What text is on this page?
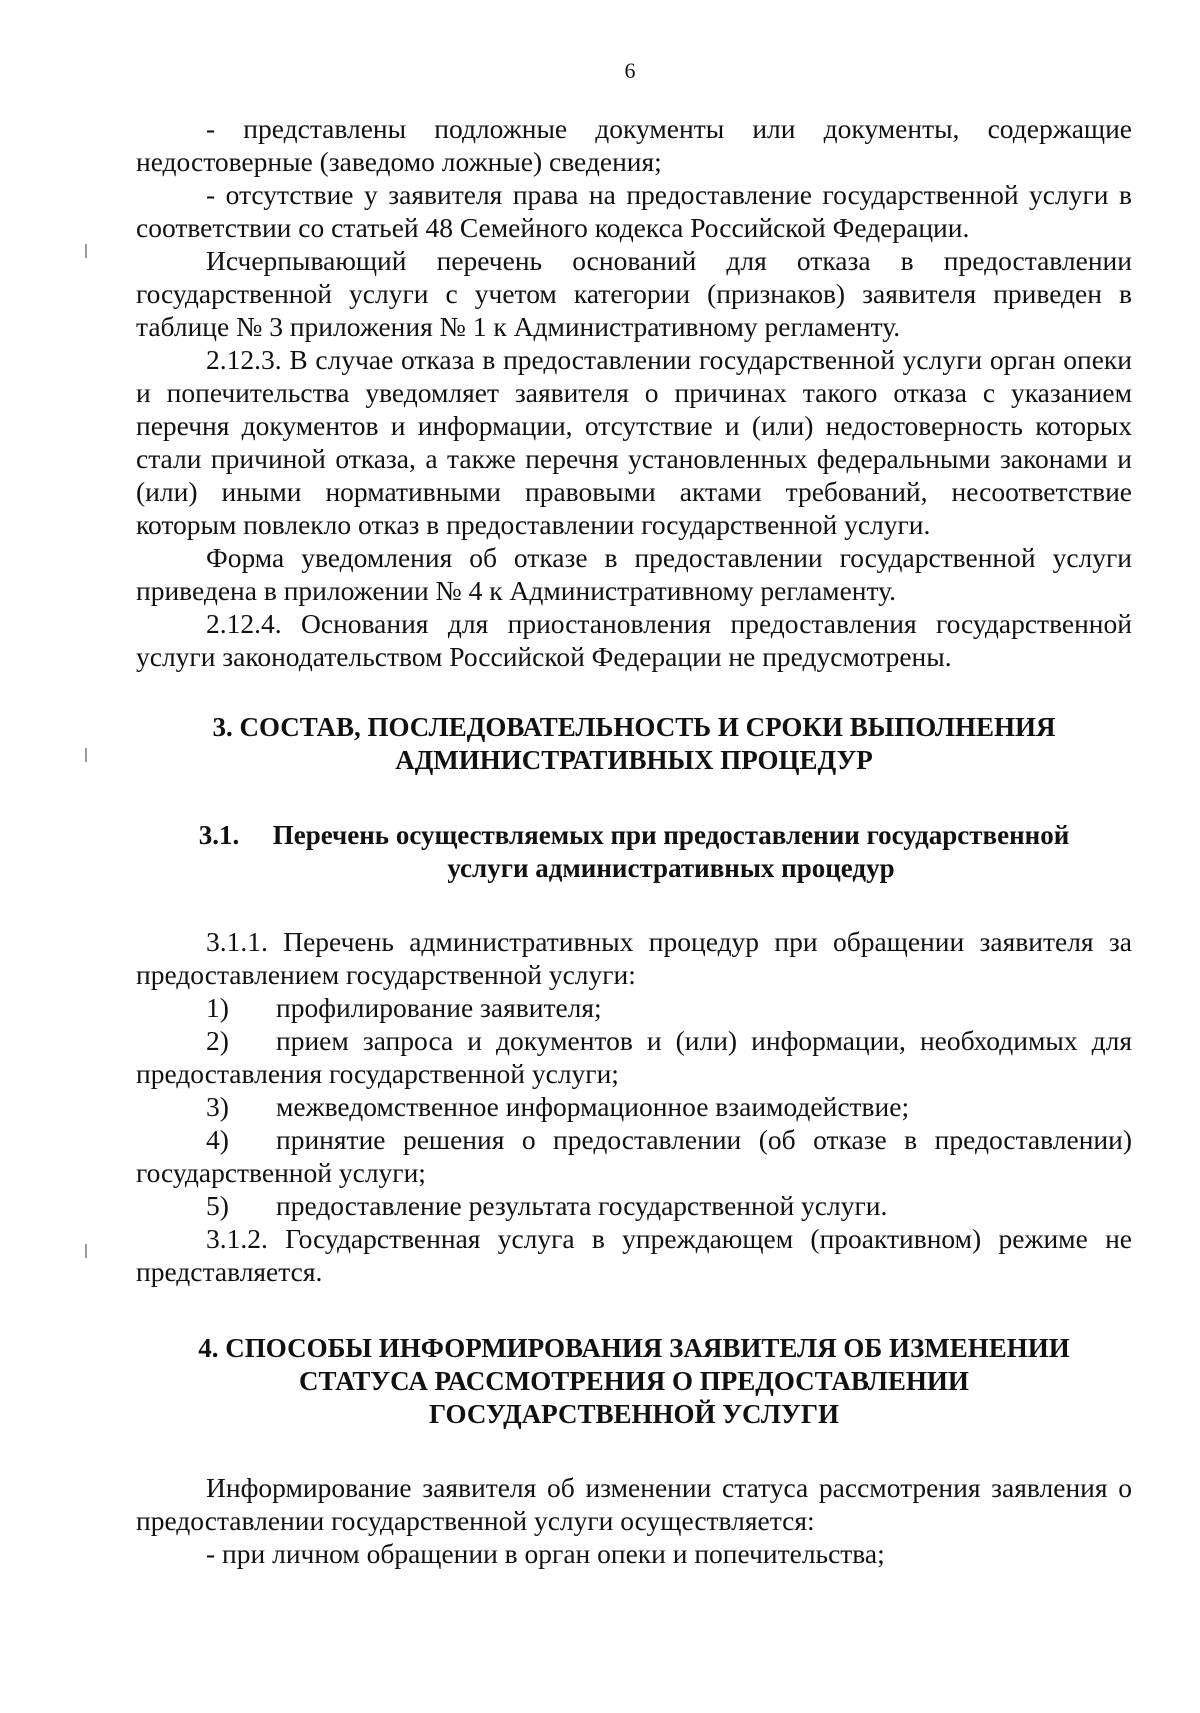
6

- представлены подложные документы или документы, содержащие недостоверные (заведомо ложные) сведения;

- отсутствие у заявителя права на предоставление государственной услуги в соответствии со статьей 48 Семейного кодекса Российской Федерации.

Исчерпывающий перечень оснований для отказа в предоставлении государственной услуги с учетом категории (признаков) заявителя приведен в таблице № 3 приложения № 1 к Административному регламенту.

2.12.3. В случае отказа в предоставлении государственной услуги орган опеки и попечительства уведомляет заявителя о причинах такого отказа с указанием перечня документов и информации, отсутствие и (или) недостоверность которых стали причиной отказа, а также перечня установленных федеральными законами и (или) иными нормативными правовыми актами требований, несоответствие которым повлекло отказ в предоставлении государственной услуги.

Форма уведомления об отказе в предоставлении государственной услуги приведена в приложении № 4 к Административному регламенту.

2.12.4. Основания для приостановления предоставления государственной услуги законодательством Российской Федерации не предусмотрены.

3. СОСТАВ, ПОСЛЕДОВАТЕЛЬНОСТЬ И СРОКИ ВЫПОЛНЕНИЯ
АДМИНИСТРАТИВНЫХ ПРОЦЕДУР
3.1.	Перечень осуществляемых при предоставлении государственной
услуги административных процедур

3.1.1. Перечень административных процедур при обращении заявителя за предоставлением государственной услуги:

1)	профилирование заявителя;
2)	прием запроса и документов и (или) информации, необходимых для
предоставления государственной услуги;
3)	межведомственное информационное взаимодействие;
4)	принятие решения о предоставлении (об отказе в предоставлении)
государственной услуги;
5)	предоставление результата государственной услуги.

3.1.2. Государственная услуга в упреждающем (проактивном) режиме не представляется.

4. СПОСОБЫ ИНФОРМИРОВАНИЯ ЗАЯВИТЕЛЯ ОБ ИЗМЕНЕНИИ
СТАТУСА РАССМОТРЕНИЯ О ПРЕДОСТАВЛЕНИИ
ГОСУДАРСТВЕННОЙ УСЛУГИ

Информирование заявителя об изменении статуса рассмотрения заявления о предоставлении государственной услуги осуществляется:

- при личном обращении в орган опеки и попечительства;
